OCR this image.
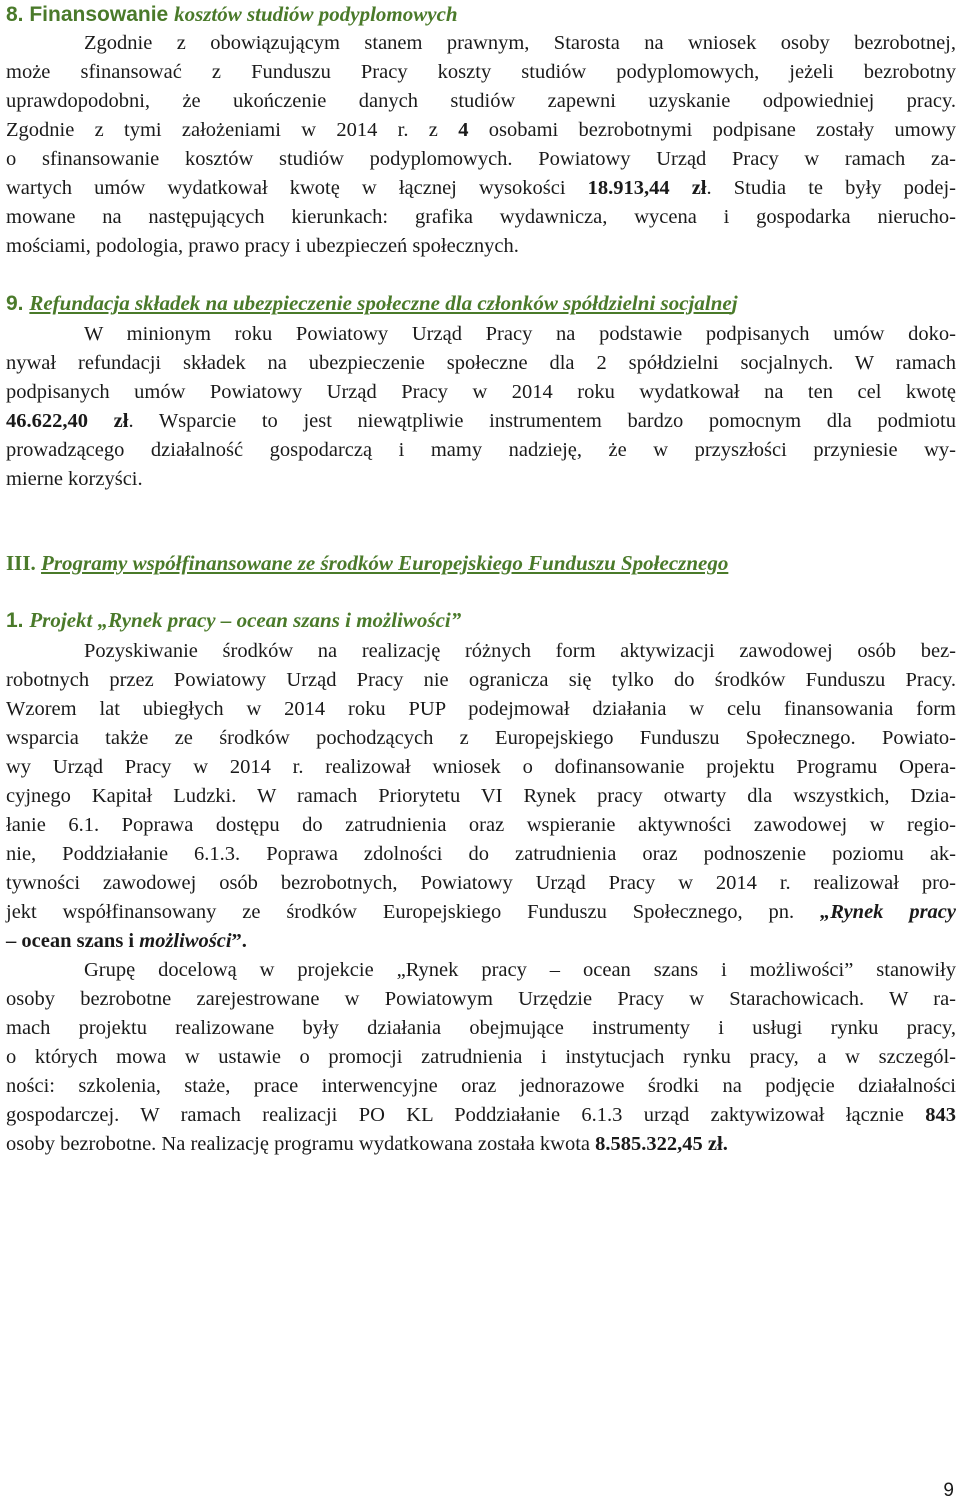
8. Finansowanie kosztów studiów podyplomowych
Zgodnie z obowiązującym stanem prawnym, Starosta na wniosek osoby bezrobotnej,
może sfinansować z Funduszu Pracy koszty studiów podyplomowych, jeżeli bezrobotny
uprawdopodobni, że ukończenie danych studiów zapewni uzyskanie odpowiedniej pracy.
Zgodnie z tymi założeniami w 2014 r. z 4 osobami bezrobotnymi podpisane zostały umowy
o sfinansowanie kosztów studiów podyplomowych. Powiatowy Urząd Pracy w ramach za-
wartych umów wydatkował kwotę w łącznej wysokości 18.913,44 zł. Studia te były podej-
mowane na następujących kierunkach: grafika wydawnicza, wycena i gospodarka nierucho-
mościami, podologia, prawo pracy i ubezpieczeń społecznych.
9. Refundacja składek na ubezpieczenie społeczne dla członków spółdzielni socjalnej
W minionym roku Powiatowy Urząd Pracy na podstawie podpisanych umów doko-
nywał refundacji składek na ubezpieczenie społeczne dla 2 spółdzielni socjalnych. W ramach
podpisanych umów Powiatowy Urząd Pracy w 2014 roku wydatkował na ten cel kwotę
46.622,40 zł. Wsparcie to jest niewątpliwie instrumentem bardzo pomocnym dla podmiotu
prowadzącego działalność gospodarczą i mamy nadzieję, że w przyszłości przyniesie wy-
mierne korzyści.
III. Programy współfinansowane ze środków Europejskiego Funduszu Społecznego
1. Projekt „Rynek pracy – ocean szans i możliwości”
Pozyskiwanie środków na realizację różnych form aktywizacji zawodowej osób bez-
robotnych przez Powiatowy Urząd Pracy nie ogranicza się tylko do środków Funduszu Pracy.
Wzorem lat ubiegłych w 2014 roku PUP podejmował działania w celu finansowania form
wsparcia także ze środków pochodzących z Europejskiego Funduszu Społecznego. Powiato-
wy Urząd Pracy w 2014 r. realizował wniosek o dofinansowanie projektu Programu Opera-
cyjnego Kapitał Ludzki. W ramach Priorytetu VI Rynek pracy otwarty dla wszystkich, Dzia-
łanie 6.1. Poprawa dostępu do zatrudnienia oraz wspieranie aktywności zawodowej w regio-
nie, Poddziałanie 6.1.3. Poprawa zdolności do zatrudnienia oraz podnoszenie poziomu ak-
tywności zawodowej osób bezrobotnych, Powiatowy Urząd Pracy w 2014 r. realizował pro-
jekt współfinansowany ze środków Europejskiego Funduszu Społecznego, pn. „Rynek pracy
– ocean szans i możliwości”.
Grupę docelową w projekcie „Rynek pracy – ocean szans i możliwości” stanowiły
osoby bezrobotne zarejestrowane w Powiatowym Urzędzie Pracy w Starachowicach. W ra-
mach projektu realizowane były działania obejmujące instrumenty i usługi rynku pracy,
o których mowa w ustawie o promocji zatrudnienia i instytucjach rynku pracy, a w szczegól-
ności: szkolenia, staże, prace interwencyjne oraz jednorazowe środki na podjęcie działalności
gospodarczej. W ramach realizacji PO KL Poddziałanie 6.1.3 urząd zaktywizował łącznie 843
osoby bezrobotne. Na realizację programu wydatkowana została kwota 8.585.322,45 zł.
9
